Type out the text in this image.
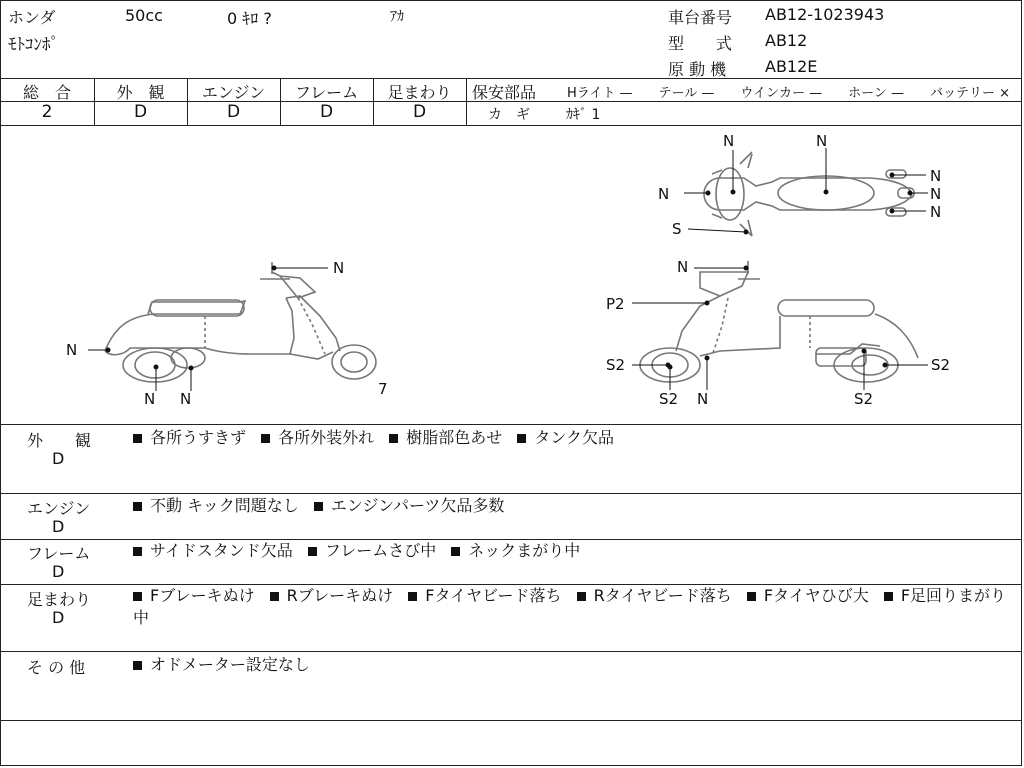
ホンダ	50cc	0 ｷﾛ ?	ｱｶ
ﾓﾄｺﾝﾎﾟ
車台番号 AB12-1023943
型　　式 AB12
原 動 機 AB12E
総　合	外　観	エンジン	フレーム	足まわり
2	D	D	D	D
保安部品 Hライト —　　テール —　　ウインカー —　　ホーン —　　バッテリー ×
カ　ギ	ｶｷﾞ 1
N	N
N
N
N
N
S
N
N
N N
7
N
P2
S2
S2 N	S2
S2
外　　観
D
各所うすきず 各所外装外れ 樹脂部色あせ タンク欠品
エンジン
D
不動 キック問題なし エンジンパーツ欠品多数
フレーム
D
サイドスタンド欠品 フレームさび中 ネックまがり中
足まわり
D
Fブレーキぬけ Rブレーキぬけ Fタイヤビード落ち Rタイヤビード落ち Fタイヤひび大 F足回りまがり中
そ の 他	オドメーター設定なし
